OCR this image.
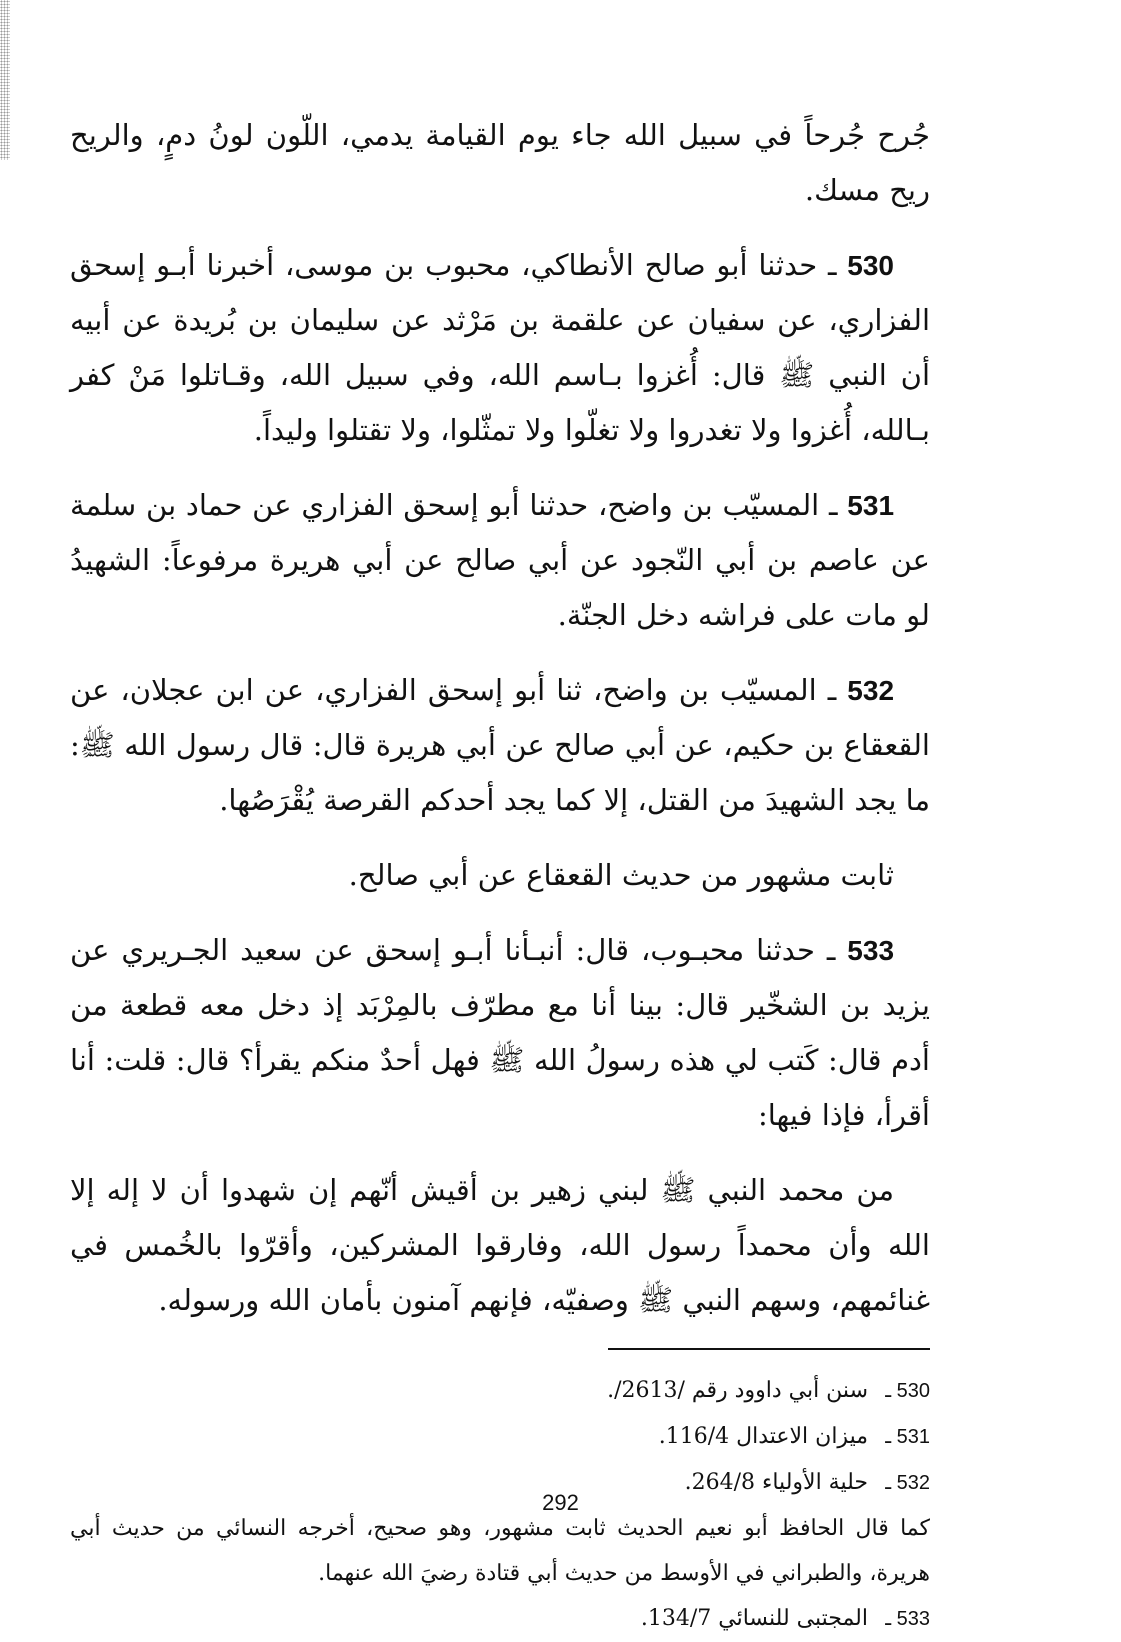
جُرح جُرحاً في سبيل الله جاء يوم القيامة يدمي، اللّون لونُ دمٍ، والريح ريح مسك.

530 ـ حدثنا أبو صالح الأنطاكي، محبوب بن موسى، أخبرنا أبـو إسحق الفزاري، عن سفيان عن علقمة بن مَرْثد عن سليمان بن بُريدة عن أبيه أن النبي ﷺ قال: أُغزوا بـاسم الله، وفي سبيل الله، وقـاتلوا مَنْ كفر بـالله، أُغزوا ولا تغدروا ولا تغلّوا ولا تمثّلوا، ولا تقتلوا وليداً.

531 ـ المسيّب بن واضح، حدثنا أبو إسحق الفزاري عن حماد بن سلمة عن عاصم بن أبي النّجود عن أبي صالح عن أبي هريرة مرفوعاً: الشهيدُ لو مات على فراشه دخل الجنّة.

532 ـ المسيّب بن واضح، ثنا أبو إسحق الفزاري، عن ابن عجلان، عن القعقاع بن حكيم، عن أبي صالح عن أبي هريرة قال: قال رسول الله ﷺ: ما يجد الشهيدَ من القتل، إلا كما يجد أحدكم القرصة يُقْرَصُها.

ثابت مشهور من حديث القعقاع عن أبي صالح.

533 ـ حدثنا محبـوب، قال: أنبـأنا أبـو إسحق عن سعيد الجـريري عن يزيد بن الشخّير قال: بينا أنا مع مطرّف بالمِرْبَد إذ دخل معه قطعة من أدم قال: كَتب لي هذه رسولُ الله ﷺ فهل أحدٌ منكم يقرأ؟ قال: قلت: أنا أقرأ، فإذا فيها:

من محمد النبي ﷺ لبني زهير بن أقيش أنّهم إن شهدوا أن لا إله إلا الله وأن محمداً رسول الله، وفارقوا المشركين، وأقرّوا بالخُمس في غنائمهم، وسهم النبي ﷺ وصفيّه، فإنهم آمنون بأمان الله ورسوله.

530 ـسنن أبي داوود رقم /2613/.
531 ـميزان الاعتدال 116/4.
532 ـحلية الأولياء 264/8.
كما قال الحافظ أبو نعيم الحديث ثابت مشهور، وهو صحيح، أخرجه النسائي من حديث أبي هريرة، والطبراني في الأوسط من حديث أبي قتادة رضيَ الله عنهما.
533 ـالمجتبى للنسائي 134/7.
292
